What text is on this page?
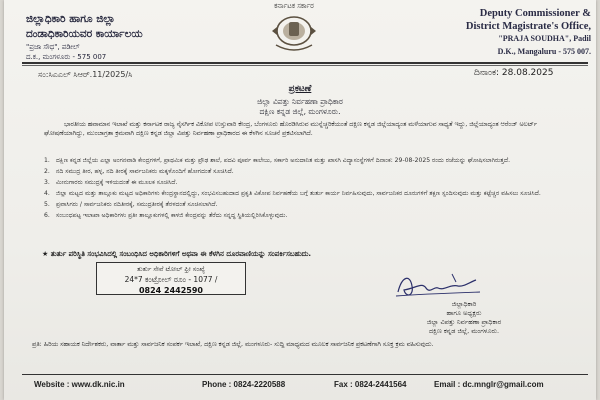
ಜಿಲ್ಲಾಧಿಕಾರಿ ಹಾಗೂ ಜಿಲ್ಲಾ
ದಂಡಾಧಿಕಾರಿಯವರ ಕಾರ್ಯಾಲಯ
"ಪ್ರಜಾ ಸೌಧ", ಪಡೀಲ್
ದ.ಕ., ಮಂಗಳೂರು - 575 007
ಕರ್ನಾಟಕ ಸರ್ಕಾರ
Deputy Commissioner &
District Magistrate's Office,
"PRAJA SOUDHA", Padil
D.K., Mangaluru - 575 007.
ಸಂ:ಸಿಎಎಲ್ ಸಿಆರ್.11/2025/ಸಿ	ದಿನಾಂಕ: 28.08.2025
ಪ್ರಕಟಣೆ
ಜಿಲ್ಲಾ ವಿಪತ್ತು ನಿರ್ವಹಣಾ ಪ್ರಾಧಿಕಾರ
ದಕ್ಷಿಣ ಕನ್ನಡ ಜಿಲ್ಲೆ, ಮಂಗಳೂರು.
ಭಾರತೀಯ ಹವಾಮಾನ ಇಲಾಖೆ ಮತ್ತು ಕರ್ನಾಟಕ ರಾಜ್ಯ ನೈಸರ್ಗಿಕ ವಿಕೋಪ ಉಸ್ತುವಾರಿ ಕೇಂದ್ರ, ಬೆಂಗಳೂರು ಹೊರಡಿಸಿರುವ ಮುನ್ನೆಚ್ಚರಿಕೆಯಂತೆ ದಕ್ಷಿಣ ಕನ್ನಡ ಜಿಲ್ಲೆಯಾದ್ಯಂತ ಮಳೆಯಾಗುವ ಸಾಧ್ಯತೆ ಇದ್ದು, ಜಿಲ್ಲೆಯಾದ್ಯಂತ ಆರೆಂಜ್ ಅಲರ್ಟ್ ಘೋಷಣೆಯಾಗಿದ್ದು, ಮುಂಜಾಗ್ರತಾ ಕ್ರಮವಾಗಿ ದಕ್ಷಿಣ ಕನ್ನಡ ಜಿಲ್ಲಾ ವಿಪತ್ತು ನಿರ್ವಹಣಾ ಪ್ರಾಧಿಕಾರದ ಈ ಕೆಳಗಿನ ಸೂಚನೆ ಪ್ರಕಟಿಸಲಾಗಿದೆ.
1. ದಕ್ಷಿಣ ಕನ್ನಡ ಜಿಲ್ಲೆಯ ಎಲ್ಲಾ ಅಂಗನವಾಡಿ ಕೇಂದ್ರಗಳಿಗೆ, ಪ್ರಾಥಮಿಕ ಮತ್ತು ಪ್ರೌಢ ಶಾಲೆ, ಪದವಿ ಪೂರ್ವ ಕಾಲೇಜು, ಸರ್ಕಾರಿ ಅನುದಾನಿತ ಮತ್ತು ಖಾಸಗಿ ವಿದ್ಯಾಸಂಸ್ಥೆಗಳಿಗೆ ದಿನಾಂಕ: 29-08-2025 ರಂದು ರಜೆಯನ್ನು ಘೋಷಿಸಲಾಗಿರುತ್ತದೆ.
2. ನದಿ ಸಮುದ್ರ ತೀರ, ಹಳ್ಳ, ನದಿ ತೀರಕ್ಕೆ ಸಾರ್ವಜನಿಕರು ಮಕ್ಕಳೊಂದಿಗೆ ಹೋಗದಂತೆ ಸೂಚಿಸಿದೆ.
3. ಮೀನುಗಾರರು ಸಮುದ್ರಕ್ಕೆ ಇಳಿಯದಂತೆ ಈ ಮೂಲಕ ಸೂಚಿಸಿದೆ.
4. ಜಿಲ್ಲಾ ಮಟ್ಟದ ಮತ್ತು ತಾಲ್ಲೂಕು ಮಟ್ಟದ ಅಧಿಕಾರಿಗಳು ಕೇಂದ್ರಸ್ಥಾನದಲ್ಲಿದ್ದು, ಸಂಭವಿಸಬಹುದಾದ ಪ್ರಕೃತಿ ವಿಕೋಪ ನಿರ್ವಹಣೆಯ ಬಗ್ಗೆ ತುರ್ತು ಕಾರ್ಯ ನಿರ್ವಹಿಸುವುದು, ಸಾರ್ವಜನಿಕರ ದೂರುಗಳಿಗೆ ತಕ್ಷಣ ಸ್ಪಂದಿಸುವುದು ಮತ್ತು ಕಟ್ಟೆಚ್ಚರ ವಹಿಸಲು ಸೂಚಿಸಿದೆ.
5. ಪ್ರವಾಸಿಗರು / ಸಾರ್ವಜನಿಕರು ನದಿತೀರಕ್ಕೆ, ಸಮುದ್ರತೀರಕ್ಕೆ ತೆರಳದಂತೆ ಸೂಚಿಸಲಾಗಿದೆ.
6. ಸಂಬಂಧಪಟ್ಟ ಇಲಾಖಾ ಅಧಿಕಾರಿಗಳು ಪ್ರತೀ ತಾಲ್ಲೂಕುಗಳಲ್ಲಿ ಕಾಳಜಿ ಕೇಂದ್ರವನ್ನು ತೆರೆದು ಸನ್ನದ್ಧ ಸ್ಥಿತಿಯಲ್ಲಿರಿಸಿಕೊಳ್ಳುವುದು.
★ ತುರ್ತು ಪರಿಸ್ಥಿತಿ ಸಂಭವಿಸಿದಲ್ಲಿ ಸಂಬಂಧಿಸಿದ ಅಧಿಕಾರಿಗಳಿಗೆ ಅಥವಾ ಈ ಕೆಳಗಿನ ದೂರವಾಣಿಯನ್ನು ಸಂಪರ್ಕಿಸಬಹುದು.
ತುರ್ತು ಸೇವೆ ಟೋಲ್ ಫ್ರೀ ಸಂಖ್ಯೆ
24*7 ಕಂಟ್ರೋಲ್ ರೂಂ - 1077 /
0824 2442590
ಜಿಲ್ಲಾಧಿಕಾರಿ
ಹಾಗೂ ಅಧ್ಯಕ್ಷರು
ಜಿಲ್ಲಾ ವಿಪತ್ತು ನಿರ್ವಹಣಾ ಪ್ರಾಧಿಕಾರ
ದಕ್ಷಿಣ ಕನ್ನಡ ಜಿಲ್ಲೆ, ಮಂಗಳೂರು.
ಪ್ರತಿ: ಹಿರಿಯ ಸಹಾಯಕ ನಿರ್ದೇಶಕರು, ವಾರ್ತಾ ಮತ್ತು ಸಾರ್ವಜನಿಕ ಸಂಪರ್ಕ ಇಲಾಖೆ, ದಕ್ಷಿಣ ಕನ್ನಡ ಜಿಲ್ಲೆ, ಮಂಗಳೂರು- ಸುದ್ದಿ ಮಾಧ್ಯಮದ ಮೂಲಕ ಸಾರ್ವಜನಿಕ ಪ್ರಕಟಣೆಗಾಗಿ ಸೂಕ್ತ ಕ್ರಮ ವಹಿಸುವುದು.
Website : www.dk.nic.in	Phone : 0824-2220588	Fax : 0824-2441564	Email : dc.mnglr@gmail.com
